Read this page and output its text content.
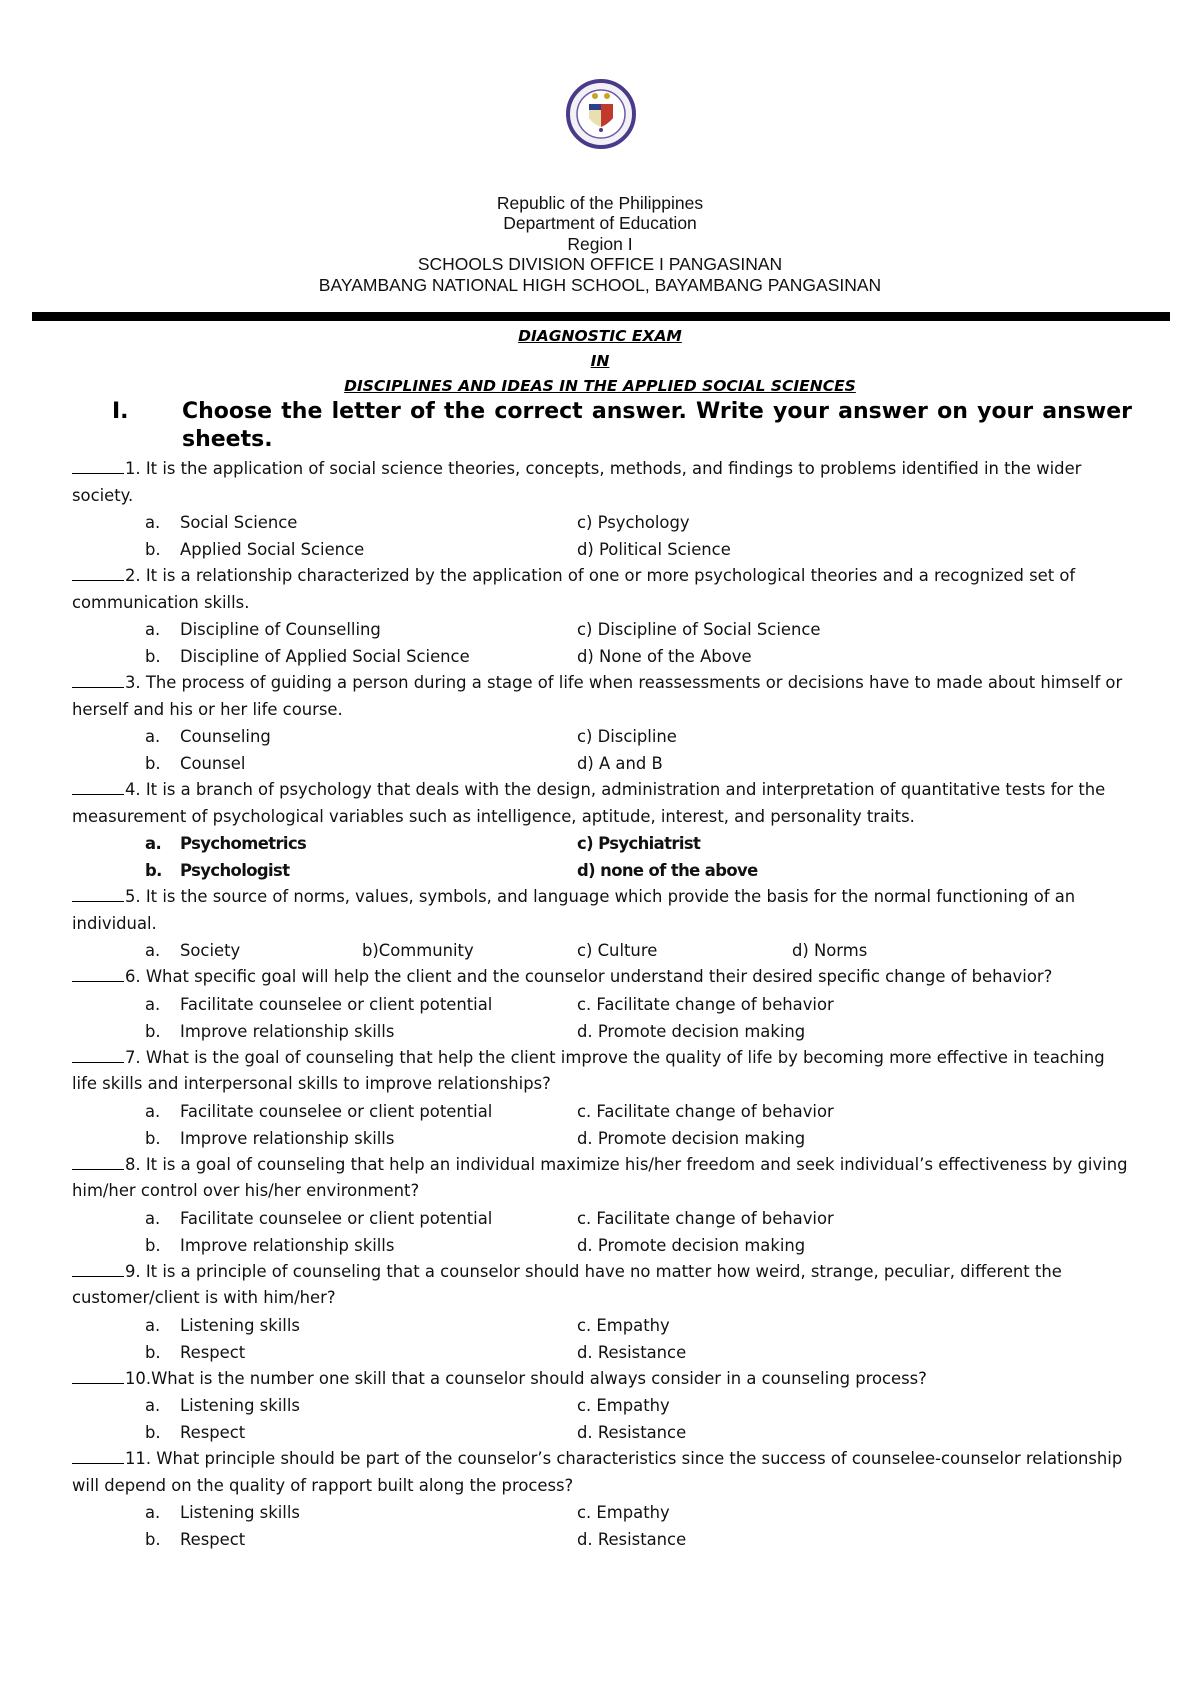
Republic of the Philippines
Department of Education
Region I
SCHOOLS DIVISION OFFICE I PANGASINAN
BAYAMBANG NATIONAL HIGH SCHOOL, BAYAMBANG PANGASINAN
DIAGNOSTIC EXAM
IN
DISCIPLINES AND IDEAS IN THE APPLIED SOCIAL SCIENCES
I. Choose the letter of the correct answer. Write your answer on your answer sheets.
1. It is the application of social science theories, concepts, methods, and findings to problems identified in the wider society.
a. Social Science	c) Psychology
b. Applied Social Science	d) Political Science
2. It is a relationship characterized by the application of one or more psychological theories and a recognized set of communication skills.
a. Discipline of Counselling	c) Discipline of Social Science
b. Discipline of Applied Social Science	d) None of the Above
3. The process of guiding a person during a stage of life when reassessments or decisions have to made about himself or herself and his or her life course.
a. Counseling	c) Discipline
b. Counsel	d) A and B
4. It is a branch of psychology that deals with the design, administration and interpretation of quantitative tests for the measurement of psychological variables such as intelligence, aptitude, interest, and personality traits.
a. Psychometrics	c) Psychiatrist
b. Psychologist	d) none of the above
5. It is the source of norms, values, symbols, and language which provide the basis for the normal functioning of an individual.
a. Society	b)Community	c) Culture	d) Norms
6. What specific goal will help the client and the counselor understand their desired specific change of behavior?
a. Facilitate counselee or client potential	c. Facilitate change of behavior
b. Improve relationship skills	d. Promote decision making
7. What is the goal of counseling that help the client improve the quality of life by becoming more effective in teaching life skills and interpersonal skills to improve relationships?
a. Facilitate counselee or client potential	c. Facilitate change of behavior
b. Improve relationship skills	d. Promote decision making
8. It is a goal of counseling that help an individual maximize his/her freedom and seek individual’s effectiveness by giving him/her control over his/her environment?
a. Facilitate counselee or client potential	c. Facilitate change of behavior
b. Improve relationship skills	d. Promote decision making
9. It is a principle of counseling that a counselor should have no matter how weird, strange, peculiar, different the customer/client is with him/her?
a. Listening skills	c. Empathy
b. Respect	d. Resistance
10.What is the number one skill that a counselor should always consider in a counseling process?
a. Listening skills	c. Empathy
b. Respect	d. Resistance
11. What principle should be part of the counselor’s characteristics since the success of counselee-counselor relationship will depend on the quality of rapport built along the process?
a. Listening skills	c. Empathy
b. Respect	d. Resistance
